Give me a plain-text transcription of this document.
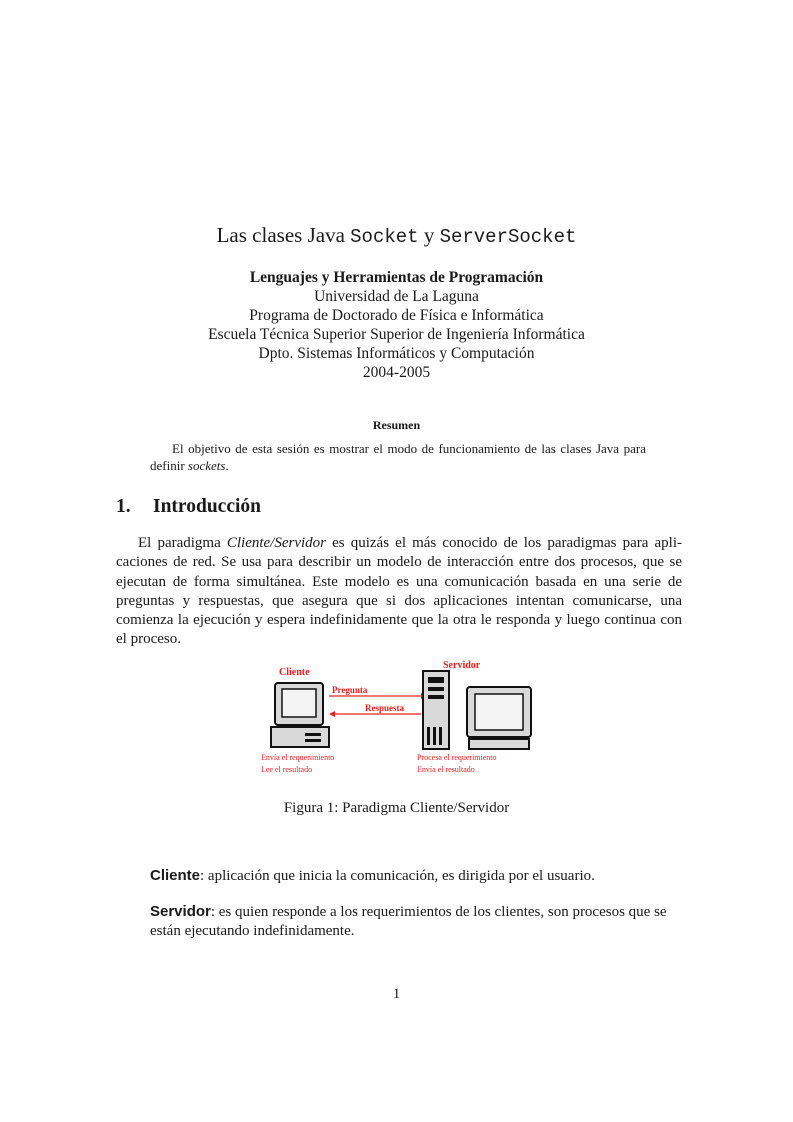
Las clases Java Socket y ServerSocket
Lenguajes y Herramientas de Programación
Universidad de La Laguna
Programa de Doctorado de Física e Informática
Escuela Técnica Superior Superior de Ingeniería Informática
Dpto. Sistemas Informáticos y Computación
2004-2005
Resumen
El objetivo de esta sesión es mostrar el modo de funcionamiento de las clases Java para definir sockets.
1. Introducción
El paradigma Cliente/Servidor es quizás el más conocido de los paradigmas para aplicaciones de red. Se usa para describir un modelo de interacción entre dos procesos, que se ejecutan de forma simultánea. Este modelo es una comunicación basada en una serie de preguntas y respuestas, que asegura que si dos aplicaciones intentan comunicarse, una comienza la ejecución y espera indefinidamente que la otra le responda y luego continua con el proceso.
Cliente
Servidor
Pregunta
Respuesta
Envía el requerimiento
Lee el resultado
Procesa el requerimiento
Envía el resultado
Figura 1: Paradigma Cliente/Servidor
Cliente: aplicación que inicia la comunicación, es dirigida por el usuario.
Servidor: es quien responde a los requerimientos de los clientes, son procesos que se están ejecutando indefinidamente.
1
